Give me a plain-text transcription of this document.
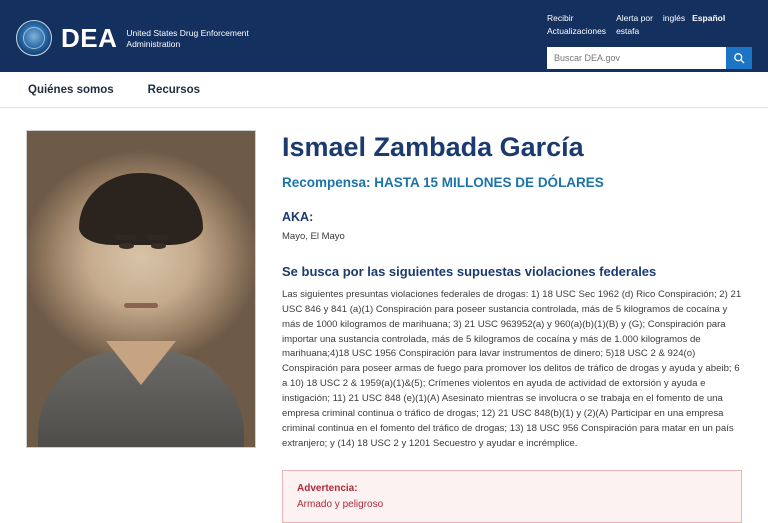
DEA United States Drug Enforcement
Administration
Recibir
Actualizaciones
Alerta por
estafa
inglés Español
Buscar DEA.gov
Quiénes somos	Recursos
Ismael Zambada García
Recompensa: HASTA 15 MILLONES DE DÓLARES
AKA:
Mayo, El Mayo
Se busca por las siguientes supuestas violaciones federales

Las siguientes presuntas violaciones federales de drogas: 1) 18 USC Sec 1962 (d) Rico Conspiración; 2) 21 USC 846 y 841 (a)(1) Conspiración para poseer sustancia controlada, más de 5 kilogramos de cocaína y más de 1000 kilogramos de marihuana; 3) 21 USC 963952(a) y 960(a)(b)(1)(B) y (G); Conspiración para importar una sustancia controlada, más de 5 kilogramos de cocaína y más de 1.000 kilogramos de marihuana;4)18 USC 1956 Conspiración para lavar instrumentos de dinero; 5)18 USC 2 & 924(o) Conspiración para poseer armas de fuego para promover los delitos de tráfico de drogas y ayuda y abeib; 6 a 10) 18 USC 2 & 1959(a)(1)&(5); Crímenes violentos en ayuda de actividad de extorsión y ayuda e instigación; 11) 21 USC 848 (e)(1)(A) Asesinato mientras se involucra o se trabaja en el fomento de una empresa criminal continua o tráfico de drogas; 12) 21 USC 848(b)(1) y (2)(A) Participar en una empresa criminal continua en el fomento del tráfico de drogas; 13) 18 USC 956 Conspiración para matar en un país extranjero; y (14) 18 USC 2 y 1201 Secuestro y ayudar e incrémplice.

Advertencia:
Armado y peligroso
